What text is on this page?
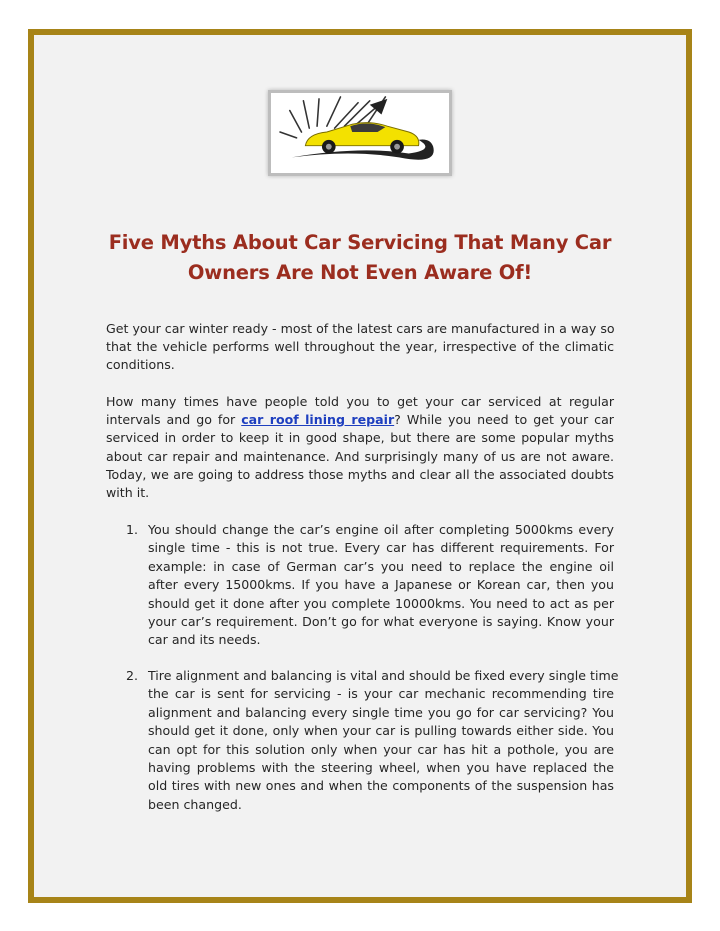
Five Myths About Car Servicing That Many Car
Owners Are Not Even Aware Of!

Get your car winter ready - most of the latest cars are manufactured in a way so
that the vehicle performs well throughout the year, irrespective of the climatic
conditions.

How many times have people told you to get your car serviced at regular
intervals and go for car roof lining repair? While you need to get your car
serviced in order to keep it in good shape, but there are some popular myths
about car repair and maintenance. And surprisingly many of us are not aware.
Today, we are going to address those myths and clear all the associated doubts
with it.

1. You should change the car’s engine oil after completing 5000kms every
single time - this is not true. Every car has different requirements. For
example: in case of German car’s you need to replace the engine oil
after every 15000kms. If you have a Japanese or Korean car, then you
should get it done after you complete 10000kms. You need to act as per
your car’s requirement. Don’t go for what everyone is saying. Know your
car and its needs.
2. Tire alignment and balancing is vital and should be fixed every single time
the car is sent for servicing - is your car mechanic recommending tire
alignment and balancing every single time you go for car servicing? You
should get it done, only when your car is pulling towards either side. You
can opt for this solution only when your car has hit a pothole, you are
having problems with the steering wheel, when you have replaced the
old tires with new ones and when the components of the suspension has
been changed.
